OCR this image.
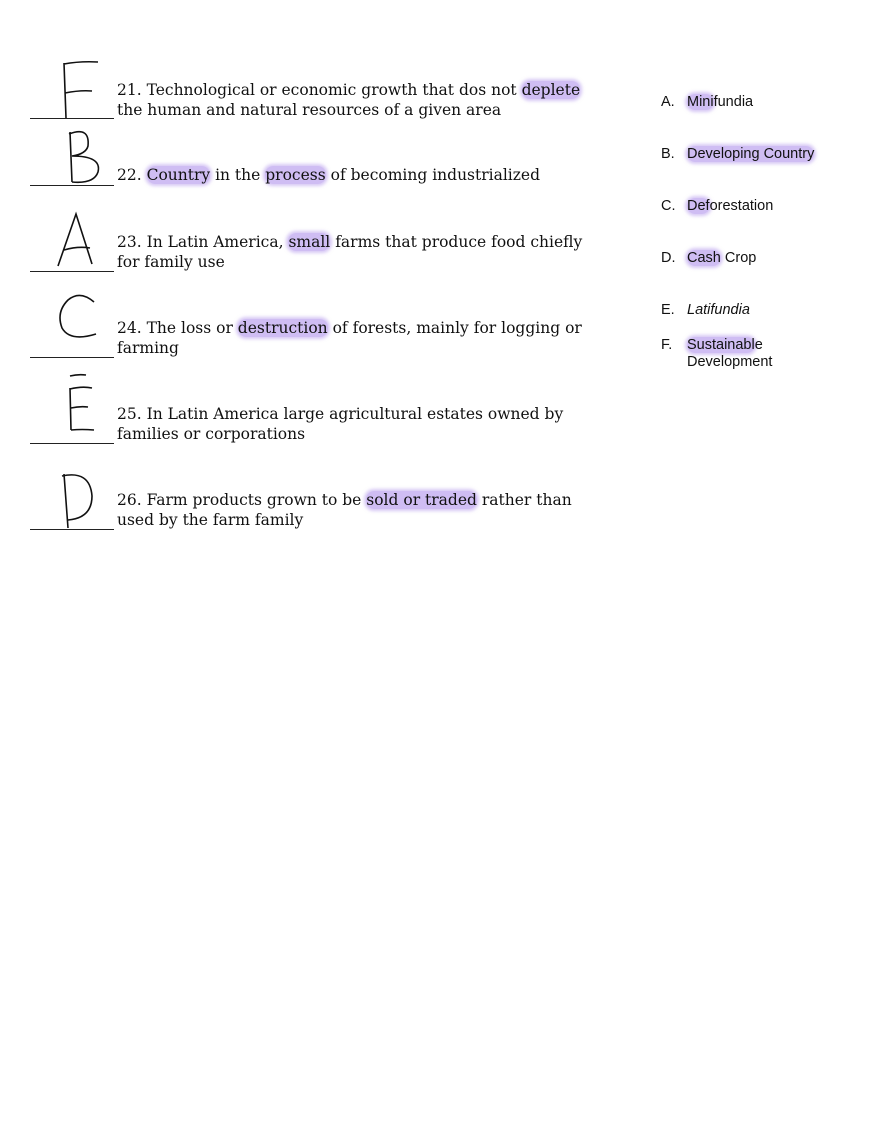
21. Technological or economic growth that dos not deplete the human and natural resources of a given area
22. Country in the process of becoming industrialized
23. In Latin America, small farms that produce food chiefly for family use
24. The loss or destruction of forests, mainly for logging or farming
25. In Latin America large agricultural estates owned by families or corporations
26. Farm products grown to be sold or traded rather than used by the farm family
A. Minifundia
B. Developing Country
C. Deforestation
D. Cash Crop
E. Latifundia
F. Sustainable Development
